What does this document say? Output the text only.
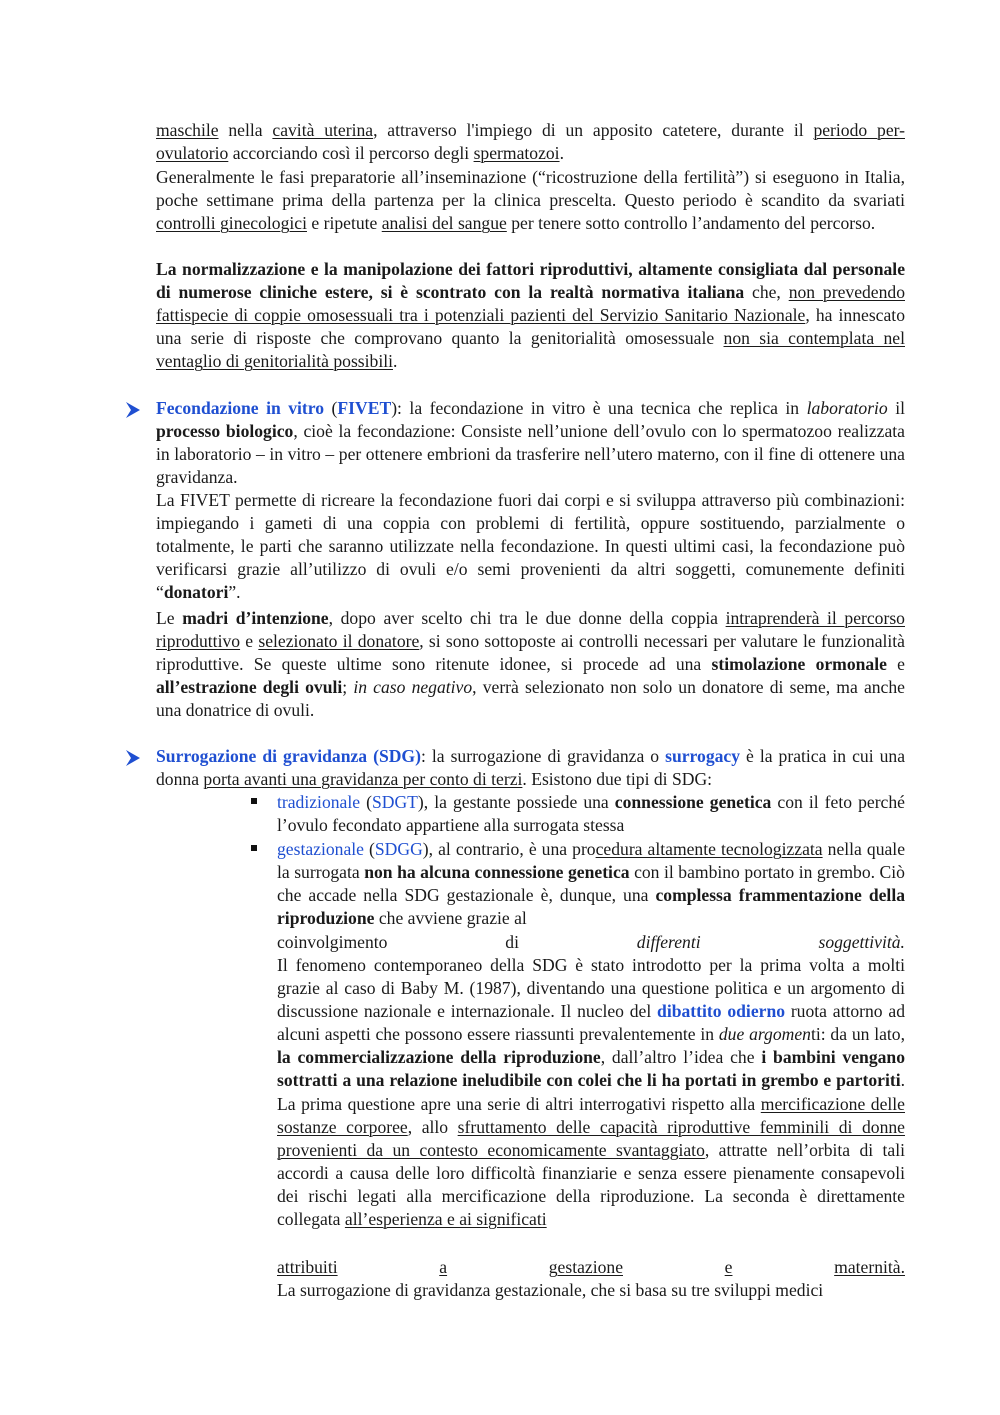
maschile nella cavità uterina, attraverso l'impiego di un apposito catetere, durante il periodo per-ovulatorio accorciando così il percorso degli spermatozoi.
Generalmente le fasi preparatorie all’inseminazione (“ricostruzione della fertilità”) si eseguono in Italia, poche settimane prima della partenza per la clinica prescelta. Questo periodo è scandito da svariati controlli ginecologici e ripetute analisi del sangue per tenere sotto controllo l’andamento del percorso.
La normalizzazione e la manipolazione dei fattori riproduttivi, altamente consigliata dal personale di numerose cliniche estere, si è scontrato con la realtà normativa italiana che, non prevedendo fattispecie di coppie omosessuali tra i potenziali pazienti del Servizio Sanitario Nazionale, ha innescato una serie di risposte che comprovano quanto la genitorialità omosessuale non sia contemplata nel ventaglio di genitorialità possibili.
Fecondazione in vitro (FIVET): la fecondazione in vitro è una tecnica che replica in laboratorio il processo biologico, cioè la fecondazione: Consiste nell’unione dell’ovulo con lo spermatozoo realizzata in laboratorio – in vitro – per ottenere embrioni da trasferire nell’utero materno, con il fine di ottenere una gravidanza.
La FIVET permette di ricreare la fecondazione fuori dai corpi e si sviluppa attraverso più combinazioni: impiegando i gameti di una coppia con problemi di fertilità, oppure sostituendo, parzialmente o totalmente, le parti che saranno utilizzate nella fecondazione. In questi ultimi casi, la fecondazione può verificarsi grazie all’utilizzo di ovuli e/o semi provenienti da altri soggetti, comunemente definiti “donatori”.
Le madri d’intenzione, dopo aver scelto chi tra le due donne della coppia intraprenderà il percorso riproduttivo e selezionato il donatore, si sono sottoposte ai controlli necessari per valutare le funzionalità riproduttive. Se queste ultime sono ritenute idonee, si procede ad una stimolazione ormonale e all’estrazione degli ovuli; in caso negativo, verrà selezionato non solo un donatore di seme, ma anche una donatrice di ovuli.
Surrogazione di gravidanza (SDG): la surrogazione di gravidanza o surrogacy è la pratica in cui una donna porta avanti una gravidanza per conto di terzi. Esistono due tipi di SDG:
tradizionale (SDGT), la gestante possiede una connessione genetica con il feto perché l’ovulo fecondato appartiene alla surrogata stessa
gestazionale (SDGG), al contrario, è una procedura altamente tecnologizzata nella quale la surrogata non ha alcuna connessione genetica con il bambino portato in grembo. Ciò che accade nella SDG gestazionale è, dunque, una complessa frammentazione della riproduzione che avviene grazie al
coinvolgimento	di	differenti	soggettività.
Il fenomeno contemporaneo della SDG è stato introdotto per la prima volta a molti grazie al caso di Baby M. (1987), diventando una questione politica e un argomento di discussione nazionale e internazionale. Il nucleo del dibattito odierno ruota attorno ad alcuni aspetti che possono essere riassunti prevalentemente in due argomenti: da un lato, la commercializzazione della riproduzione, dall’altro l’idea che i bambini vengano sottratti a una relazione ineludibile con colei che li ha portati in grembo e partoriti. La prima questione apre una serie di altri interrogativi rispetto alla mercificazione delle sostanze corporee, allo sfruttamento delle capacità riproduttive femminili di donne provenienti da un contesto economicamente svantaggiato, attratte nell’orbita di tali accordi a causa delle loro difficoltà finanziarie e senza essere pienamente consapevoli dei rischi legati alla mercificazione della riproduzione. La seconda è direttamente collegata all’esperienza e ai significati
attribuiti	a	gestazione	e	maternità.
La surrogazione di gravidanza gestazionale, che si basa su tre sviluppi medici
